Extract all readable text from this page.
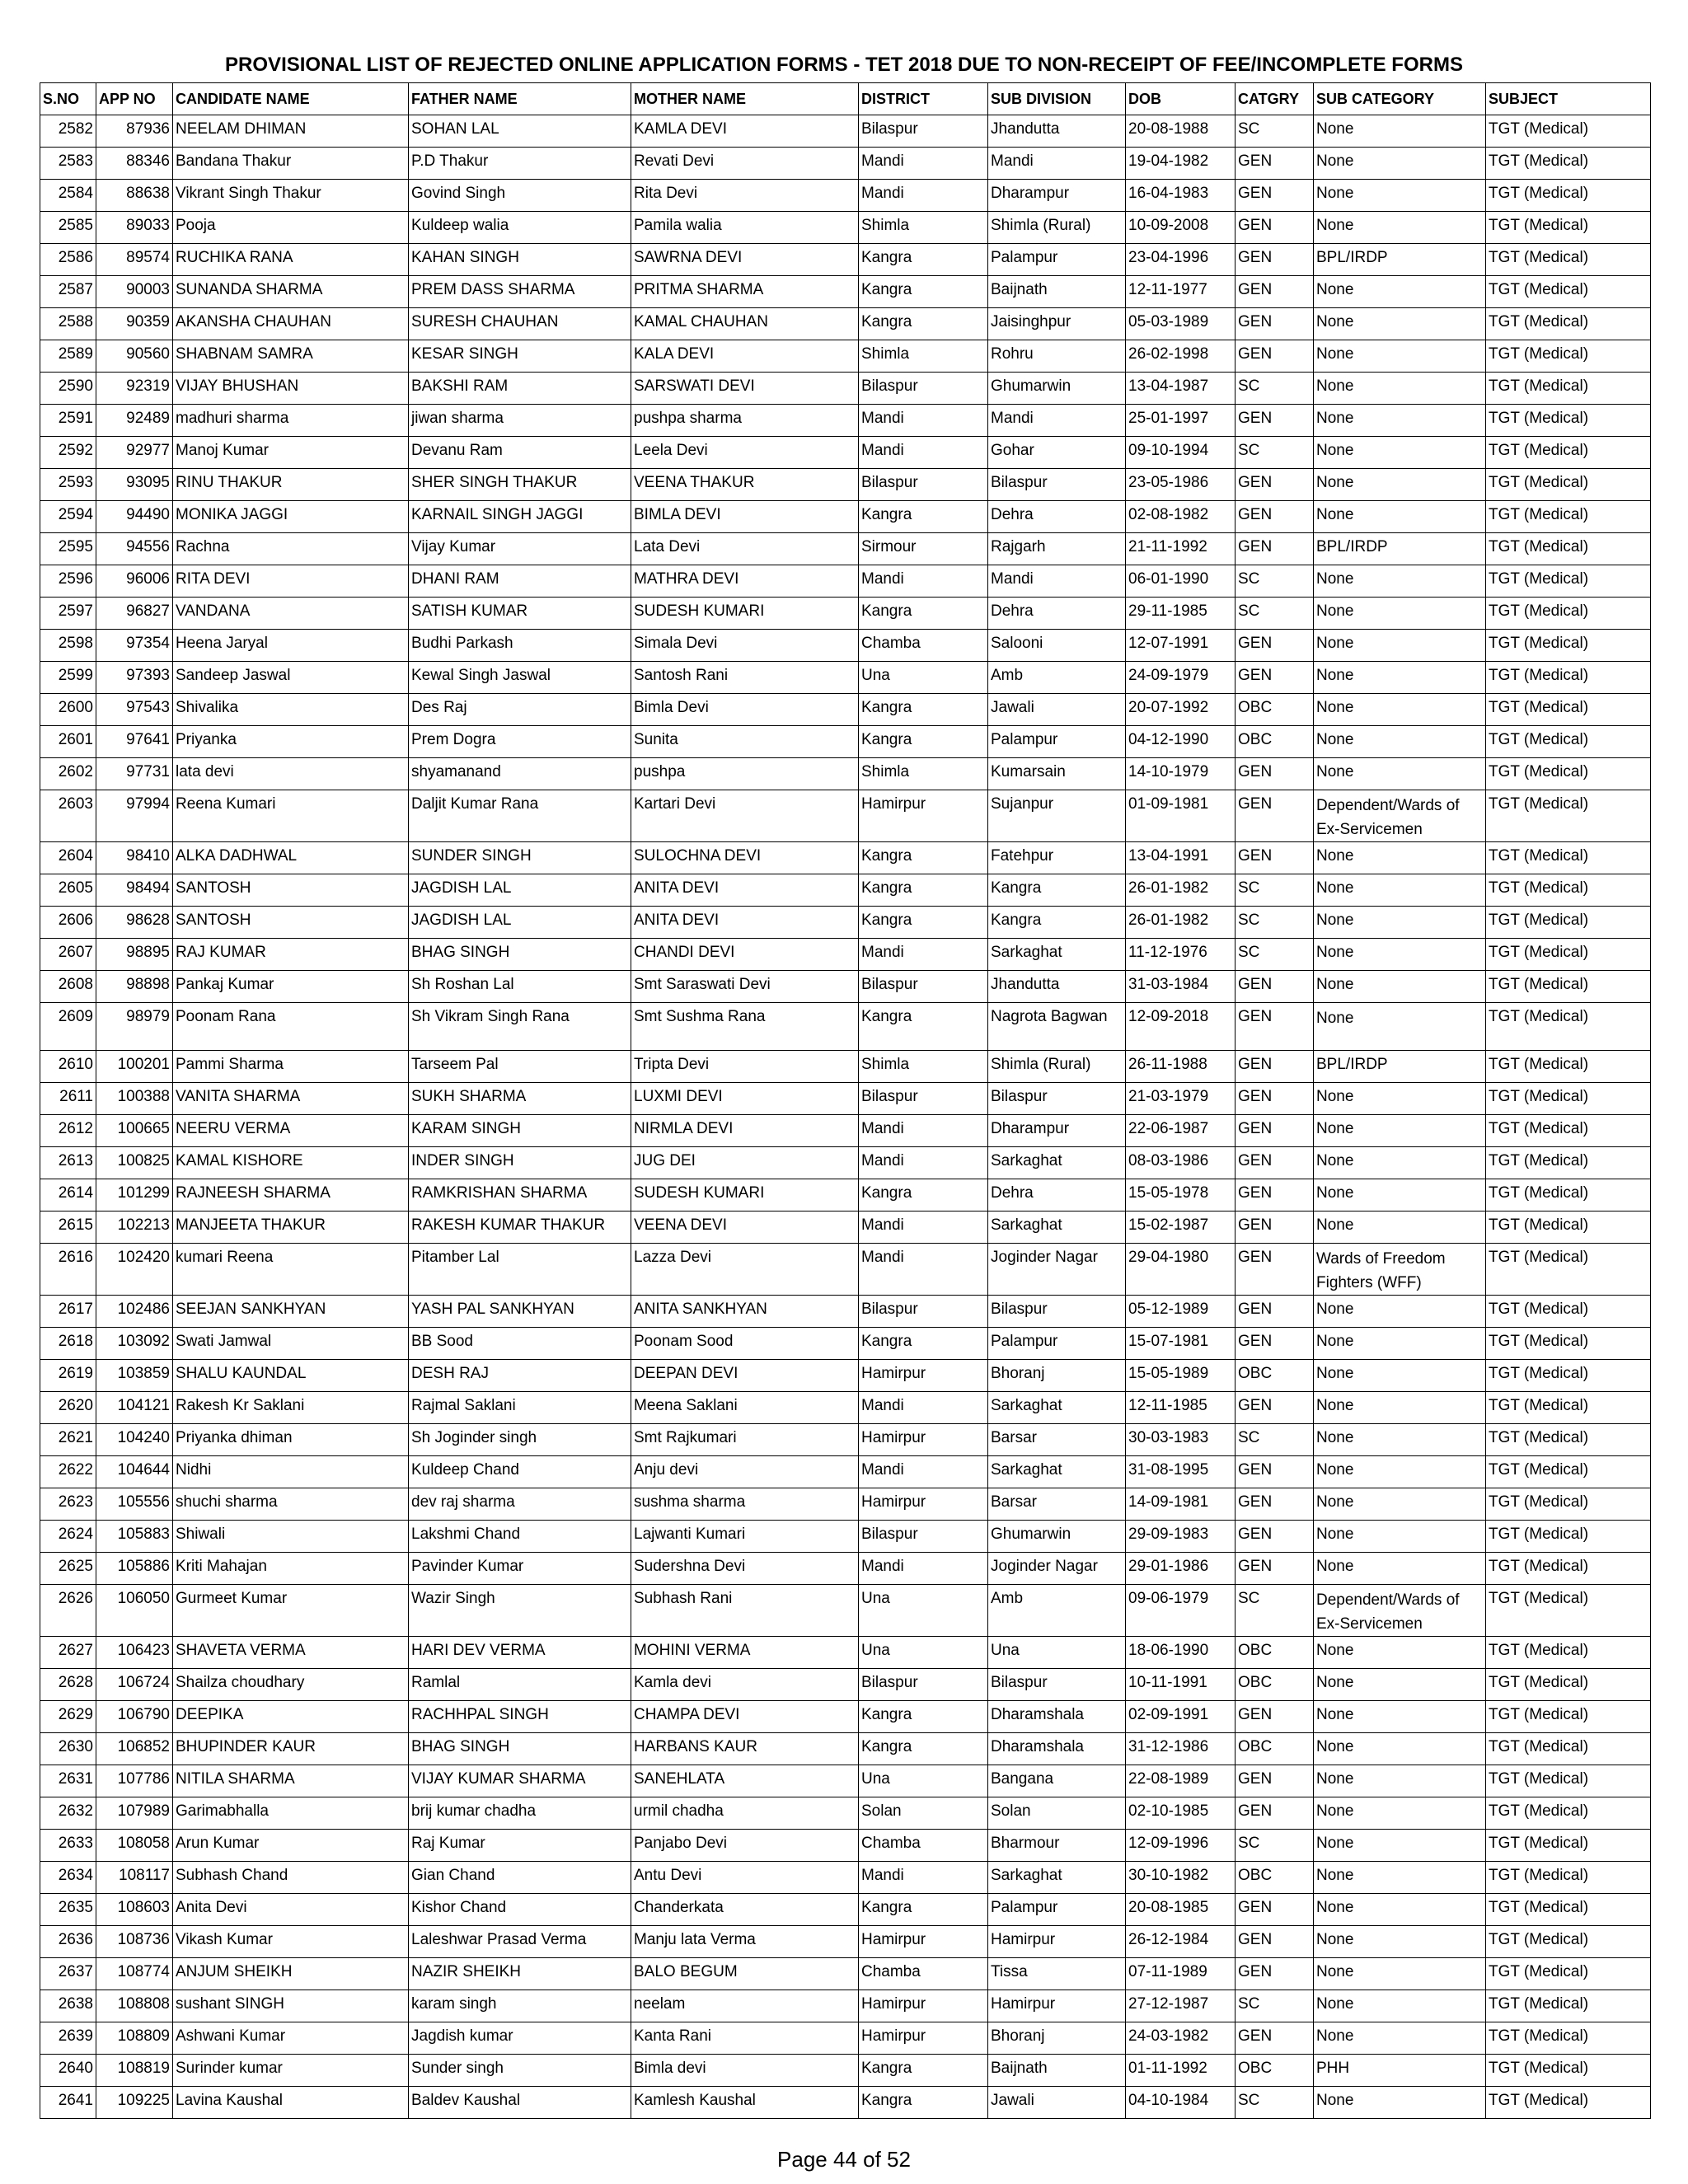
PROVISIONAL LIST OF REJECTED ONLINE APPLICATION FORMS - TET 2018 DUE TO NON-RECEIPT OF FEE/INCOMPLETE FORMS
S.NO	APP NO	CANDIDATE NAME	FATHER NAME	MOTHER NAME	DISTRICT	SUB DIVISION	DOB	CATGRY	SUB CATEGORY	SUBJECT
2582	87936	NEELAM DHIMAN	SOHAN LAL	KAMLA DEVI	Bilaspur	Jhandutta	20-08-1988	SC	None	TGT (Medical)
2583	88346	Bandana Thakur	P.D Thakur	Revati Devi	Mandi	Mandi	19-04-1982	GEN	None	TGT (Medical)
2584	88638	Vikrant Singh Thakur	Govind Singh	Rita Devi	Mandi	Dharampur	16-04-1983	GEN	None	TGT (Medical)
2585	89033	Pooja	Kuldeep walia	Pamila walia	Shimla	Shimla (Rural)	10-09-2008	GEN	None	TGT (Medical)
2586	89574	RUCHIKA RANA	KAHAN SINGH	SAWRNA DEVI	Kangra	Palampur	23-04-1996	GEN	BPL/IRDP	TGT (Medical)
2587	90003	SUNANDA SHARMA	PREM DASS SHARMA	PRITMA SHARMA	Kangra	Baijnath	12-11-1977	GEN	None	TGT (Medical)
2588	90359	AKANSHA CHAUHAN	SURESH CHAUHAN	KAMAL CHAUHAN	Kangra	Jaisinghpur	05-03-1989	GEN	None	TGT (Medical)
2589	90560	SHABNAM SAMRA	KESAR SINGH	KALA DEVI	Shimla	Rohru	26-02-1998	GEN	None	TGT (Medical)
2590	92319	VIJAY BHUSHAN	BAKSHI RAM	SARSWATI DEVI	Bilaspur	Ghumarwin	13-04-1987	SC	None	TGT (Medical)
2591	92489	madhuri sharma	jiwan sharma	pushpa sharma	Mandi	Mandi	25-01-1997	GEN	None	TGT (Medical)
2592	92977	Manoj Kumar	Devanu Ram	Leela Devi	Mandi	Gohar	09-10-1994	SC	None	TGT (Medical)
2593	93095	RINU THAKUR	SHER SINGH THAKUR	VEENA THAKUR	Bilaspur	Bilaspur	23-05-1986	GEN	None	TGT (Medical)
2594	94490	MONIKA JAGGI	KARNAIL SINGH JAGGI	BIMLA DEVI	Kangra	Dehra	02-08-1982	GEN	None	TGT (Medical)
2595	94556	Rachna	Vijay Kumar	Lata Devi	Sirmour	Rajgarh	21-11-1992	GEN	BPL/IRDP	TGT (Medical)
2596	96006	RITA DEVI	DHANI RAM	MATHRA DEVI	Mandi	Mandi	06-01-1990	SC	None	TGT (Medical)
2597	96827	VANDANA	SATISH KUMAR	SUDESH KUMARI	Kangra	Dehra	29-11-1985	SC	None	TGT (Medical)
2598	97354	Heena Jaryal	Budhi Parkash	Simala Devi	Chamba	Salooni	12-07-1991	GEN	None	TGT (Medical)
2599	97393	Sandeep Jaswal	Kewal Singh Jaswal	Santosh Rani	Una	Amb	24-09-1979	GEN	None	TGT (Medical)
2600	97543	Shivalika	Des Raj	Bimla Devi	Kangra	Jawali	20-07-1992	OBC	None	TGT (Medical)
2601	97641	Priyanka	Prem Dogra	Sunita	Kangra	Palampur	04-12-1990	OBC	None	TGT (Medical)
2602	97731	lata devi	shyamanand	pushpa	Shimla	Kumarsain	14-10-1979	GEN	None	TGT (Medical)
2603	97994	Reena Kumari	Daljit Kumar Rana	Kartari Devi	Hamirpur	Sujanpur	01-09-1981	GEN	Dependent/Wards of Ex-Servicemen	TGT (Medical)
2604	98410	ALKA DADHWAL	SUNDER SINGH	SULOCHNA DEVI	Kangra	Fatehpur	13-04-1991	GEN	None	TGT (Medical)
2605	98494	SANTOSH	JAGDISH LAL	ANITA DEVI	Kangra	Kangra	26-01-1982	SC	None	TGT (Medical)
2606	98628	SANTOSH	JAGDISH LAL	ANITA DEVI	Kangra	Kangra	26-01-1982	SC	None	TGT (Medical)
2607	98895	RAJ KUMAR	BHAG SINGH	CHANDI DEVI	Mandi	Sarkaghat	11-12-1976	SC	None	TGT (Medical)
2608	98898	Pankaj Kumar	Sh Roshan Lal	Smt Saraswati Devi	Bilaspur	Jhandutta	31-03-1984	GEN	None	TGT (Medical)
2609	98979	Poonam Rana	Sh Vikram Singh Rana	Smt Sushma Rana	Kangra	Nagrota Bagwan	12-09-2018	GEN	None	TGT (Medical)
2610	100201	Pammi Sharma	Tarseem Pal	Tripta Devi	Shimla	Shimla (Rural)	26-11-1988	GEN	BPL/IRDP	TGT (Medical)
2611	100388	VANITA SHARMA	SUKH SHARMA	LUXMI DEVI	Bilaspur	Bilaspur	21-03-1979	GEN	None	TGT (Medical)
2612	100665	NEERU VERMA	KARAM SINGH	NIRMLA DEVI	Mandi	Dharampur	22-06-1987	GEN	None	TGT (Medical)
2613	100825	KAMAL KISHORE	INDER SINGH	JUG DEI	Mandi	Sarkaghat	08-03-1986	GEN	None	TGT (Medical)
2614	101299	RAJNEESH SHARMA	RAMKRISHAN SHARMA	SUDESH KUMARI	Kangra	Dehra	15-05-1978	GEN	None	TGT (Medical)
2615	102213	MANJEETA THAKUR	RAKESH KUMAR THAKUR	VEENA DEVI	Mandi	Sarkaghat	15-02-1987	GEN	None	TGT (Medical)
2616	102420	kumari Reena	Pitamber Lal	Lazza Devi	Mandi	Joginder Nagar	29-04-1980	GEN	Wards of Freedom Fighters (WFF)	TGT (Medical)
2617	102486	SEEJAN SANKHYAN	YASH PAL SANKHYAN	ANITA SANKHYAN	Bilaspur	Bilaspur	05-12-1989	GEN	None	TGT (Medical)
2618	103092	Swati Jamwal	BB Sood	Poonam Sood	Kangra	Palampur	15-07-1981	GEN	None	TGT (Medical)
2619	103859	SHALU KAUNDAL	DESH RAJ	DEEPAN DEVI	Hamirpur	Bhoranj	15-05-1989	OBC	None	TGT (Medical)
2620	104121	Rakesh Kr Saklani	Rajmal Saklani	Meena Saklani	Mandi	Sarkaghat	12-11-1985	GEN	None	TGT (Medical)
2621	104240	Priyanka dhiman	Sh Joginder singh	Smt Rajkumari	Hamirpur	Barsar	30-03-1983	SC	None	TGT (Medical)
2622	104644	Nidhi	Kuldeep Chand	Anju devi	Mandi	Sarkaghat	31-08-1995	GEN	None	TGT (Medical)
2623	105556	shuchi sharma	dev raj sharma	sushma sharma	Hamirpur	Barsar	14-09-1981	GEN	None	TGT (Medical)
2624	105883	Shiwali	Lakshmi Chand	Lajwanti Kumari	Bilaspur	Ghumarwin	29-09-1983	GEN	None	TGT (Medical)
2625	105886	Kriti Mahajan	Pavinder Kumar	Sudershna Devi	Mandi	Joginder Nagar	29-01-1986	GEN	None	TGT (Medical)
2626	106050	Gurmeet Kumar	Wazir Singh	Subhash Rani	Una	Amb	09-06-1979	SC	Dependent/Wards of Ex-Servicemen	TGT (Medical)
2627	106423	SHAVETA VERMA	HARI DEV VERMA	MOHINI VERMA	Una	Una	18-06-1990	OBC	None	TGT (Medical)
2628	106724	Shailza choudhary	Ramlal	Kamla devi	Bilaspur	Bilaspur	10-11-1991	OBC	None	TGT (Medical)
2629	106790	DEEPIKA	RACHHPAL SINGH	CHAMPA DEVI	Kangra	Dharamshala	02-09-1991	GEN	None	TGT (Medical)
2630	106852	BHUPINDER KAUR	BHAG SINGH	HARBANS KAUR	Kangra	Dharamshala	31-12-1986	OBC	None	TGT (Medical)
2631	107786	NITILA SHARMA	VIJAY KUMAR SHARMA	SANEHLATA	Una	Bangana	22-08-1989	GEN	None	TGT (Medical)
2632	107989	Garimabhalla	brij kumar chadha	urmil chadha	Solan	Solan	02-10-1985	GEN	None	TGT (Medical)
2633	108058	Arun Kumar	Raj Kumar	Panjabo Devi	Chamba	Bharmour	12-09-1996	SC	None	TGT (Medical)
2634	108117	Subhash Chand	Gian Chand	Antu Devi	Mandi	Sarkaghat	30-10-1982	OBC	None	TGT (Medical)
2635	108603	Anita Devi	Kishor Chand	Chanderkata	Kangra	Palampur	20-08-1985	GEN	None	TGT (Medical)
2636	108736	Vikash Kumar	Laleshwar Prasad Verma	Manju lata Verma	Hamirpur	Hamirpur	26-12-1984	GEN	None	TGT (Medical)
2637	108774	ANJUM SHEIKH	NAZIR SHEIKH	BALO BEGUM	Chamba	Tissa	07-11-1989	GEN	None	TGT (Medical)
2638	108808	sushant SINGH	karam singh	neelam	Hamirpur	Hamirpur	27-12-1987	SC	None	TGT (Medical)
2639	108809	Ashwani Kumar	Jagdish kumar	Kanta Rani	Hamirpur	Bhoranj	24-03-1982	GEN	None	TGT (Medical)
2640	108819	Surinder kumar	Sunder singh	Bimla devi	Kangra	Baijnath	01-11-1992	OBC	PHH	TGT (Medical)
2641	109225	Lavina Kaushal	Baldev Kaushal	Kamlesh Kaushal	Kangra	Jawali	04-10-1984	SC	None	TGT (Medical)
Page 44 of 52
